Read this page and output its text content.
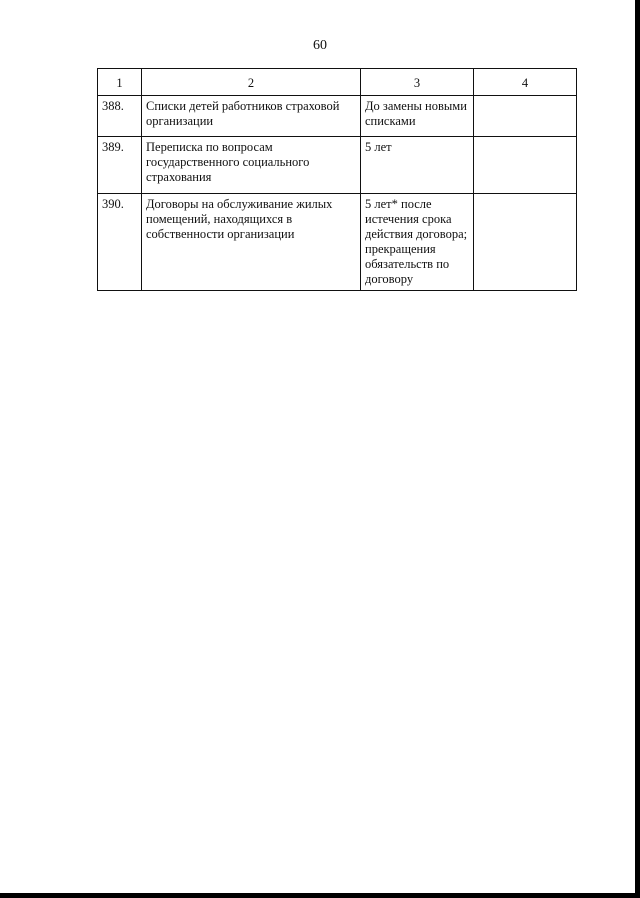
60
1	2	3	4
388.	Списки детей работников страховой организации	До замены новыми списками	
389.	Переписка по вопросам государственного социального страхования	5 лет	
390.	Договоры на обслуживание жилых помещений, находящихся в собственности организации	5 лет* после истечения срока действия договора; прекращения обязательств по договору	
